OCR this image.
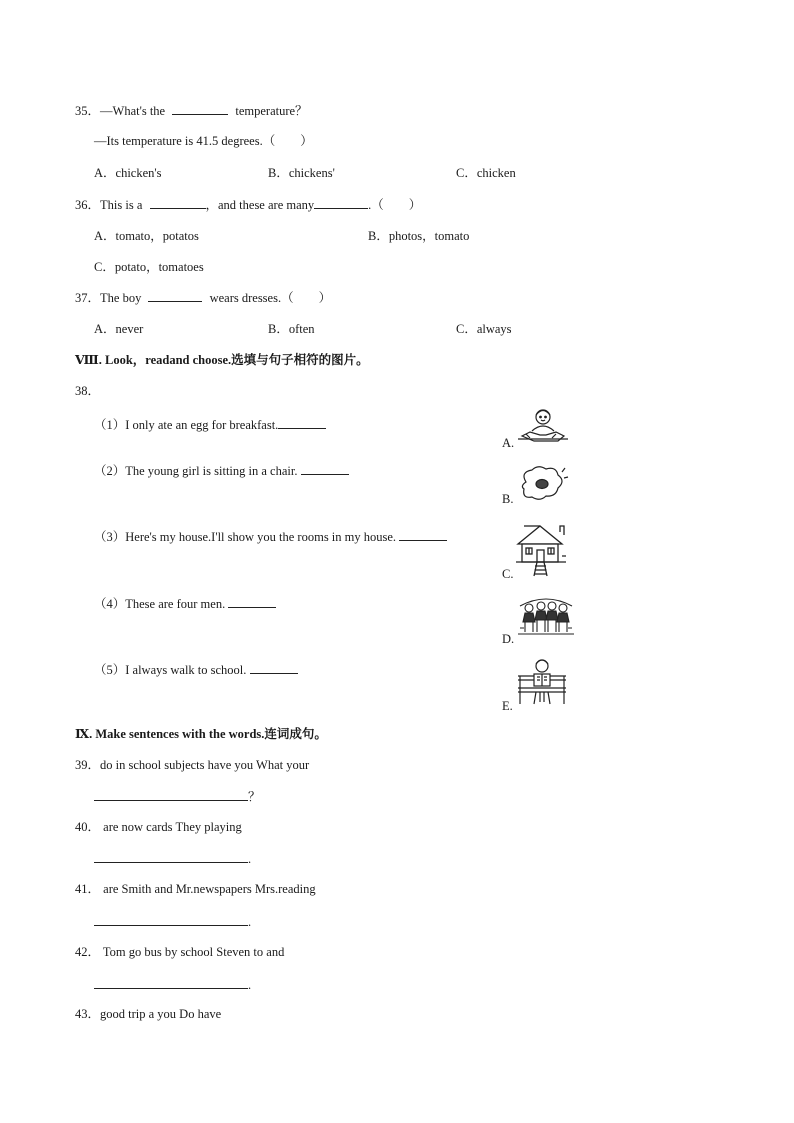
35．—What's the	temperature？
—Its temperature is 41.5 degrees.（　　）
A．chicken's	B．chickens'	C．chicken
36．This is a	，and these are many	.（　　）
A．tomato，potatos	B．photos，tomato
C．potato，tomatoes
37．The boy	wears dresses.（　　）
A．never	B．often	C．always
Ⅷ. Look，readand choose.选填与句子相符的图片。
38．
（1）I only ate an egg for breakfast.
（2）The young girl is sitting in a chair.
（3）Here's my house.I'll show you the rooms in my house.
（4）These are four men.
（5）I always walk to school.
A.
B.
C.
D.
E.
Ⅸ. Make sentences with the words.连词成句。
39．do in school subjects have you What your
？
40． are now cards They playing
.
41． are Smith and Mr.newspapers Mrs.reading
.
42． Tom go bus by school Steven to and
.
43．good trip a you Do have
